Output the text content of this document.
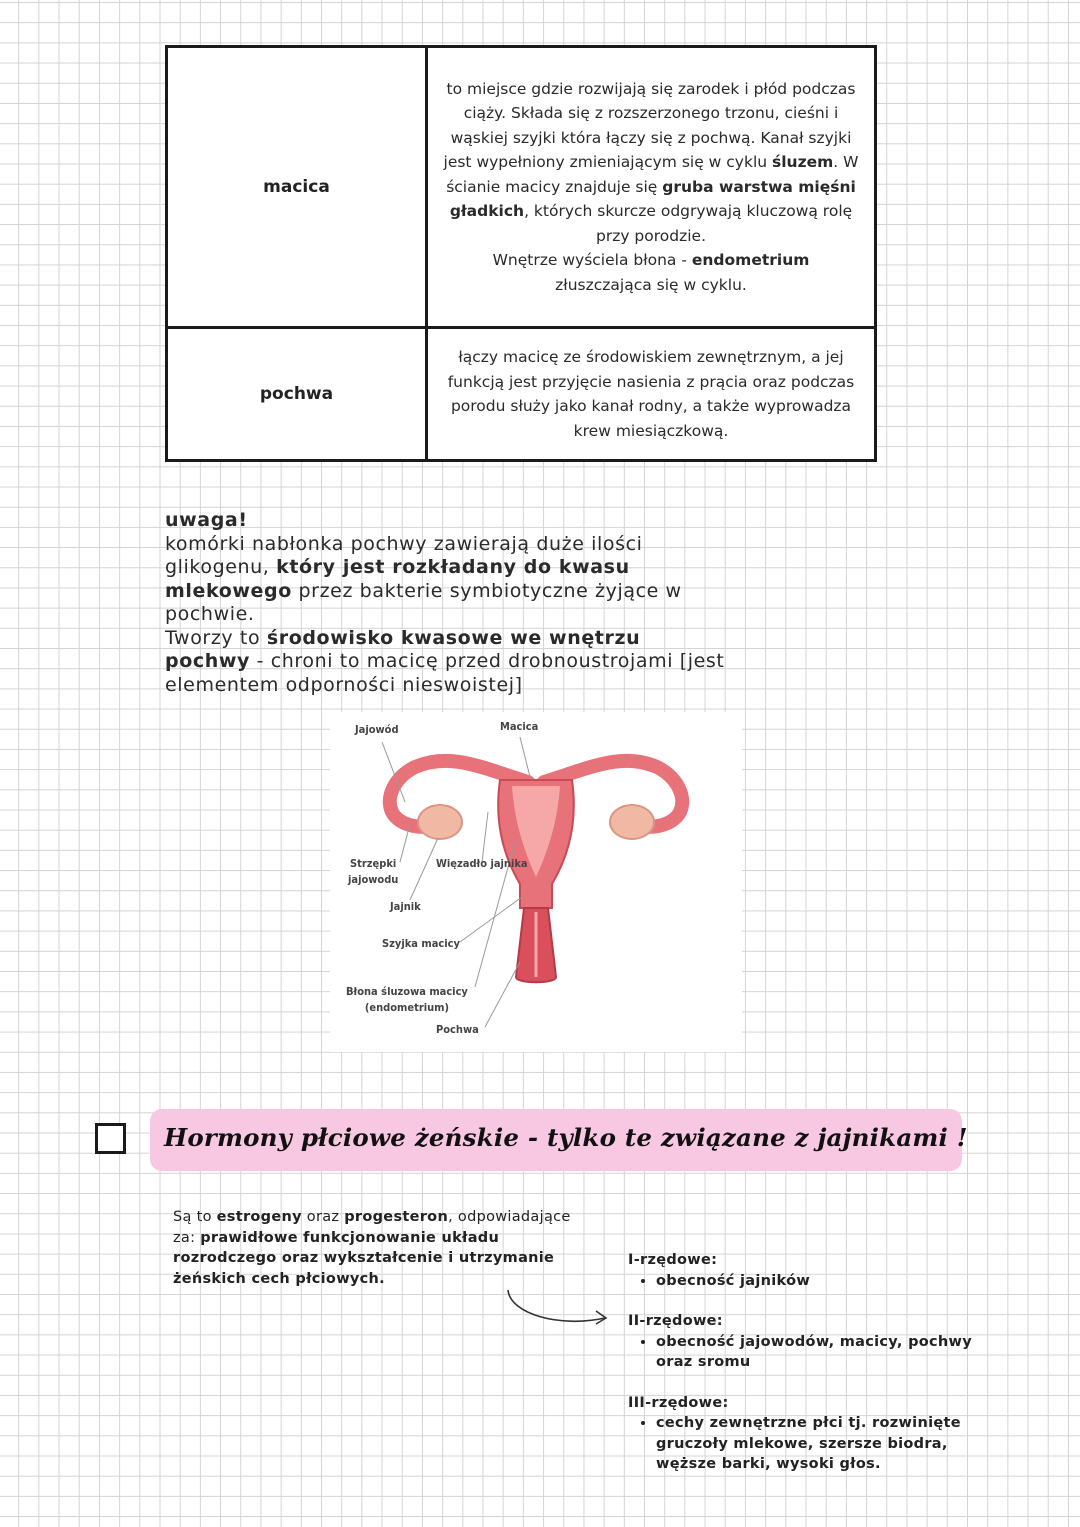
macica	to miejsce gdzie rozwijają się zarodek i płód podczas ciąży. Składa się z rozszerzonego trzonu, cieśni i wąskiej szyjki która łączy się z pochwą. Kanał szyjki jest wypełniony zmieniającym się w cyklu śluzem. W ścianie macicy znajduje się gruba warstwa mięśni gładkich, których skurcze odgrywają kluczową rolę przy porodzie.
Wnętrze wyściela błona - endometrium złuszczająca się w cyklu.
pochwa	łączy macicę ze środowiskiem zewnętrznym, a jej funkcją jest przyjęcie nasienia z prącia oraz podczas porodu służy jako kanał rodny, a także wyprowadza krew miesiączkową.
uwaga!
komórki nabłonka pochwy zawierają duże ilości glikogenu, który jest rozkładany do kwasu mlekowego przez bakterie symbiotyczne żyjące w pochwie.
Tworzy to środowisko kwasowe we wnętrzu pochwy - chroni to macicę przed drobnoustrojami [jest elementem odporności nieswoistej]
Jajowód	Macica
Strzępki
jajowodu
Więzadło jajnika
Jajnik
Szyjka macicy
Błona śluzowa macicy
(endometrium)
Pochwa
Hormony płciowe żeńskie - tylko te związane z jajnikami !
Są to estrogeny oraz progesteron, odpowiadające za: prawidłowe funkcjonowanie układu rozrodczego oraz wykształcenie i utrzymanie żeńskich cech płciowych.

I-rzędowe:

• obecność jajników

II-rzędowe:

• obecność jajowodów, macicy, pochwy oraz sromu

III-rzędowe:

• cechy zewnętrzne płci tj. rozwinięte gruczoły mlekowe, szersze biodra, węższe barki, wysoki głos.
